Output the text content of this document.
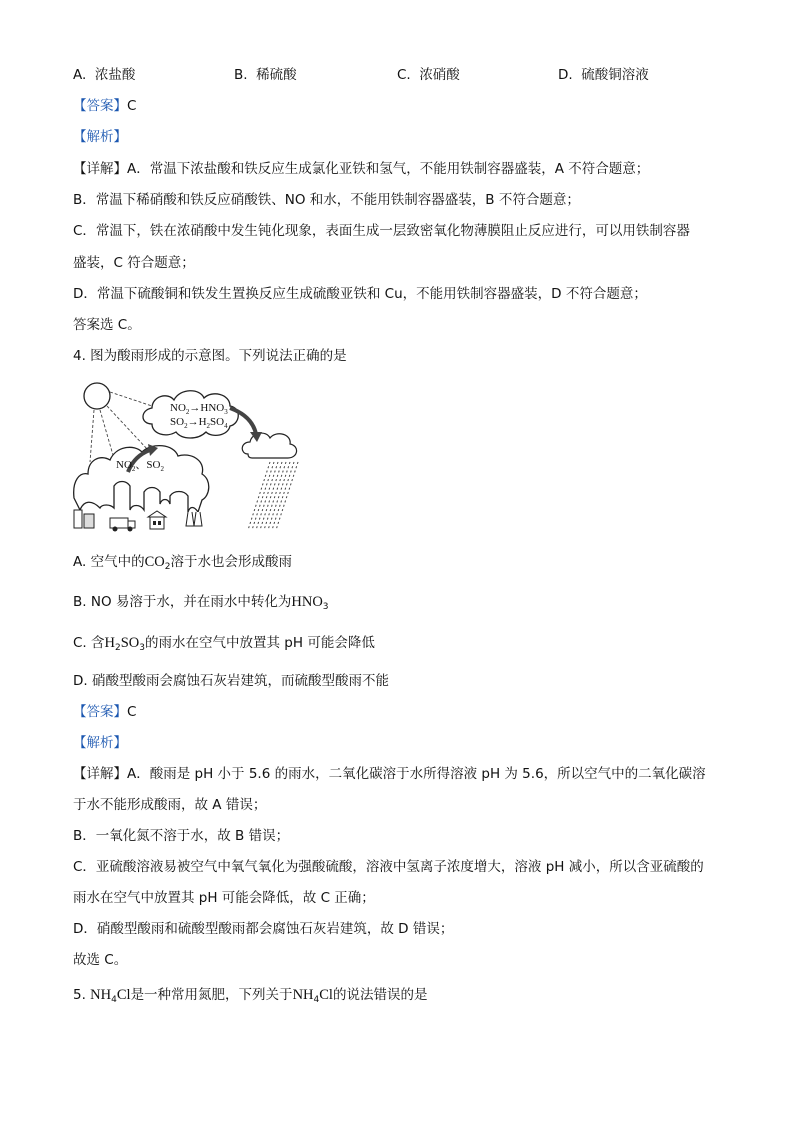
A. 浓盐酸	B. 稀硫酸	C. 浓硝酸	D. 硫酸铜溶液
【答案】C
【解析】
【详解】A．常温下浓盐酸和铁反应生成氯化亚铁和氢气，不能用铁制容器盛装，A 不符合题意；
B．常温下稀硝酸和铁反应硝酸铁、NO 和水，不能用铁制容器盛装，B 不符合题意；
C．常温下，铁在浓硝酸中发生钝化现象，表面生成一层致密氧化物薄膜阻止反应进行，可以用铁制容器
盛装，C 符合题意；
D．常温下硫酸铜和铁发生置换反应生成硫酸亚铁和 Cu，不能用铁制容器盛装，D 不符合题意；
答案选 C。
4. 图为酸雨形成的示意图。下列说法正确的是
$NO_2\to HNO_3$
$SO_2\to H_2SO_4$
$NO_2$、$SO_2$
A. 空气中的$CO_2$溶于水也会形成酸雨
B. NO 易溶于水，并在雨水中转化为$HNO_3$
C. 含$H_2SO_3$的雨水在空气中放置其 pH 可能会降低
D. 硝酸型酸雨会腐蚀石灰岩建筑，而硫酸型酸雨不能
【答案】C
【解析】
【详解】A．酸雨是 pH 小于 5.6 的雨水，二氧化碳溶于水所得溶液 pH 为 5.6，所以空气中的二氧化碳溶
于水不能形成酸雨，故 A 错误；
B．一氧化氮不溶于水，故 B 错误；
C．亚硫酸溶液易被空气中氧气氧化为强酸硫酸，溶液中氢离子浓度增大，溶液 pH 减小，所以含亚硫酸的
雨水在空气中放置其 pH 可能会降低，故 C 正确；
D．硝酸型酸雨和硫酸型酸雨都会腐蚀石灰岩建筑，故 D 错误；
故选 C。
5. $NH_4Cl$是一种常用氮肥，下列关于$NH_4Cl$的说法错误的是
